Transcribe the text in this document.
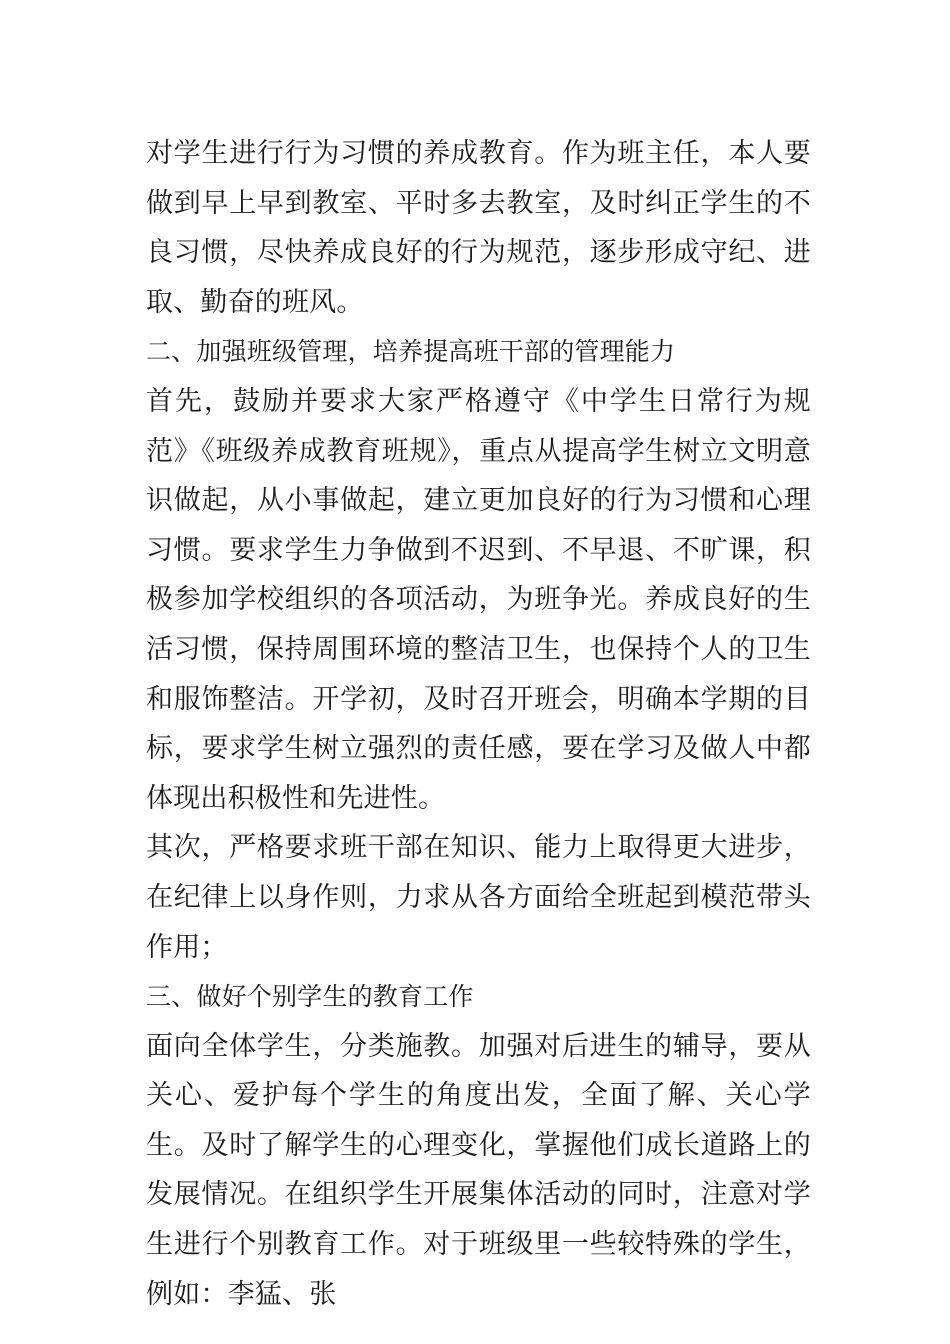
对学生进行行为习惯的养成教育。作为班主任，本人要做到早上早到教室、平时多去教室，及时纠正学生的不良习惯，尽快养成良好的行为规范，逐步形成守纪、进取、勤奋的班风。

二、加强班级管理，培养提高班干部的管理能力

首先，鼓励并要求大家严格遵守《中学生日常行为规范》《班级养成教育班规》，重点从提高学生树立文明意识做起，从小事做起，建立更加良好的行为习惯和心理习惯。要求学生力争做到不迟到、不早退、不旷课，积极参加学校组织的各项活动，为班争光。养成良好的生活习惯，保持周围环境的整洁卫生，也保持个人的卫生和服饰整洁。开学初，及时召开班会，明确本学期的目标，要求学生树立强烈的责任感，要在学习及做人中都体现出积极性和先进性。

其次，严格要求班干部在知识、能力上取得更大进步，在纪律上以身作则，力求从各方面给全班起到模范带头作用；

三、做好个别学生的教育工作

面向全体学生，分类施教。加强对后进生的辅导，要从关心、爱护每个学生的角度出发，全面了解、关心学生。及时了解学生的心理变化，掌握他们成长道路上的发展情况。在组织学生开展集体活动的同时，注意对学生进行个别教育工作。对于班级里一些较特殊的学生，例如：李猛、张
